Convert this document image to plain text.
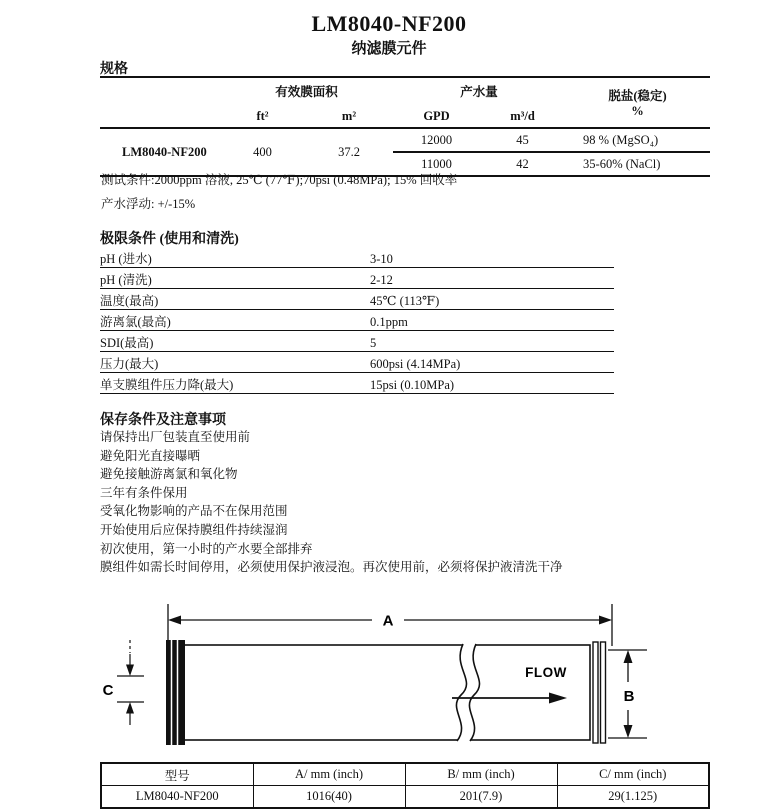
LM8040-NF200
纳滤膜元件
规格
	有效膜面积		产水量		脱盐(稳定)
%

	ft²	m²	GPD	m³/d	
LM8040-NF200	400	37.2	12000	45	98 % (MgSO₄)
			11000	42	35-60% (NaCl)
测试条件:2000ppm 溶液, 25℃ (77℉);70psi (0.48MPa); 15% 回收率
产水浮动: +/-15%
极限条件 (使用和清洗)
pH (进水)	3-10
pH (清洗)	2-12
温度(最高)	45℃ (113℉)
游离氯(最高)	0.1ppm
SDI(最高)	5
压力(最大)	600psi (4.14MPa)
单支膜组件压力降(最大)	15psi (0.10MPa)
保存条件及注意事项
请保持出厂包装直至使用前
避免阳光直接曝晒
避免接触游离氯和氧化物
三年有条件保用
受氧化物影响的产品不在保用范围
开始使用后应保持膜组件持续湿润
初次使用，第一小时的产水要全部排弃
膜组件如需长时间停用，必须使用保护液浸泡。再次使用前，必须将保护液清洗干净
A
FLOW
B
C
型号	A/ mm (inch)	B/ mm (inch)	C/ mm (inch)
LM8040-NF200	1016(40)	201(7.9)	29(1.125)
